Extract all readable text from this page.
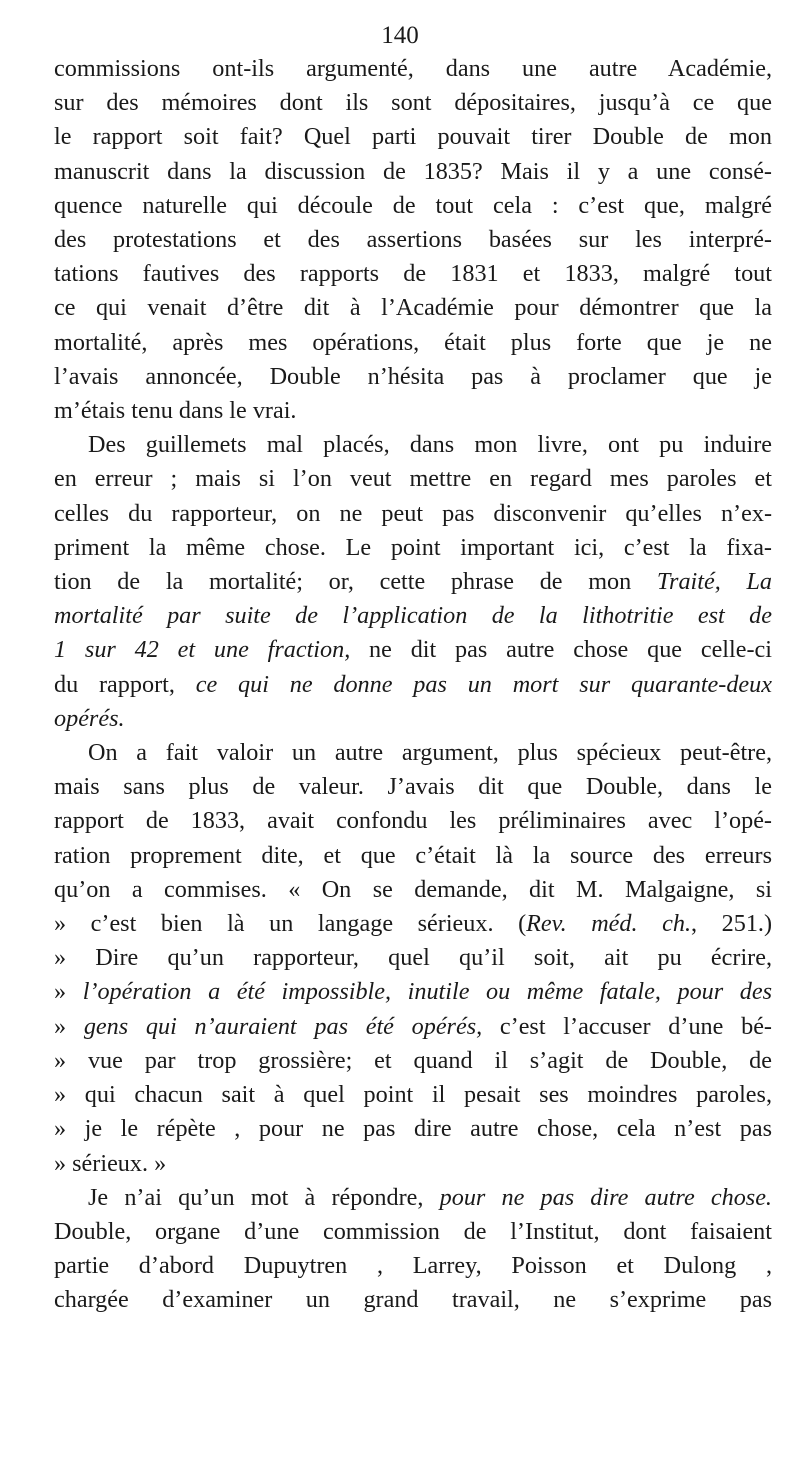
140
commissions ont-ils argumenté, dans une autre Académie,
sur des mémoires dont ils sont dépositaires, jusqu’à ce que
le rapport soit fait? Quel parti pouvait tirer Double de mon
manuscrit dans la discussion de 1835? Mais il y a une consé-
quence naturelle qui découle de tout cela : c’est que, malgré
des protestations et des assertions basées sur les interpré-
tations fautives des rapports de 1831 et 1833, malgré tout
ce qui venait d’être dit à l’Académie pour démontrer que la
mortalité, après mes opérations, était plus forte que je ne
l’avais annoncée, Double n’hésita pas à proclamer que je
m’étais tenu dans le vrai.
Des guillemets mal placés, dans mon livre, ont pu induire
en erreur ; mais si l’on veut mettre en regard mes paroles et
celles du rapporteur, on ne peut pas disconvenir qu’elles n’ex-
priment la même chose. Le point important ici, c’est la fixa-
tion de la mortalité; or, cette phrase de mon Traité, La
mortalité par suite de l’application de la lithotritie est de
1 sur 42 et une fraction, ne dit pas autre chose que celle-ci
du rapport, ce qui ne donne pas un mort sur quarante-deux
opérés.
On a fait valoir un autre argument, plus spécieux peut-être,
mais sans plus de valeur. J’avais dit que Double, dans le
rapport de 1833, avait confondu les préliminaires avec l’opé-
ration proprement dite, et que c’était là la source des erreurs
qu’on a commises. « On se demande, dit M. Malgaigne, si
» c’est bien là un langage sérieux. (Rev. méd. ch., 251.)
» Dire qu’un rapporteur, quel qu’il soit, ait pu écrire,
» l’opération a été impossible, inutile ou même fatale, pour des
» gens qui n’auraient pas été opérés, c’est l’accuser d’une bé-
» vue par trop grossière; et quand il s’agit de Double, de
» qui chacun sait à quel point il pesait ses moindres paroles,
» je le répète , pour ne pas dire autre chose, cela n’est pas
» sérieux. »
Je n’ai qu’un mot à répondre, pour ne pas dire autre chose.
Double, organe d’une commission de l’Institut, dont faisaient
partie d’abord Dupuytren , Larrey, Poisson et Dulong ,
chargée d’examiner un grand travail, ne s’exprime pas
